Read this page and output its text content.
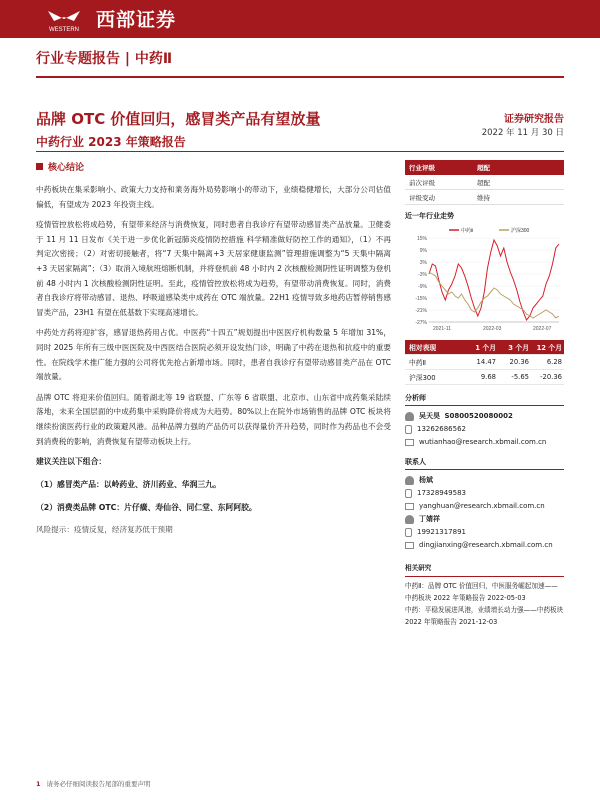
WESTERN 西部证券
行业专题报告 | 中药Ⅱ
品牌 OTC 价值回归，感冒类产品有望放量
中药行业 2023 年策略报告
证券研究报告
2022 年 11 月 30 日
核心结论

中药板块在集采影响小、政策大力支持和業务海外局势影响小的带动下，业绩稳健增长，大部分公司估值偏低，有望成为 2023 年投资主线。

疫情管控放松将成趋势，有望带来经济与消费恢复，同时患者自我诊疗有望带动感冒类产品放量。卫健委于 11 月 11 日发布《关于进一步优化新冠肺炎疫情防控措施 科学精准做好防控工作的通知》，（1）不再判定次密接；（2）对密切接触者，将“7 天集中隔离+3 天居家健康监测”管理措施调整为“5 天集中隔离+3 天居家隔离”；（3）取消入境航班熔断机制，并将登机前 48 小时内 2 次核酸检测阴性证明调整为登机前 48 小时内 1 次核酸检测阴性证明。至此，疫情管控放松将成为趋势，有望带动消费恢复。同时，消费者自我诊疗将带动感冒、退热、呼吸道感染类中成药在 OTC 端放量。22H1 疫情导致多地药店暂停销售感冒类产品，23H1 有望在低基数下实现高速增长。

中药处方药将迎扩容，感冒退热药用占优。中医药“十四五”规划提出中医医疗机构数量 5 年增加 31%，同时 2025 年所有三级中医医院及中西医结合医院必须开设发热门诊，明确了中药在退热和抗疫中的重要性。在院线学术推广能力强的公司将优先抢占新增市场。同时，患者自我诊疗有望带动感冒类产品在 OTC 端放量。

品牌 OTC 将迎来价值回归。随着湖北等 19 省联盟、广东等 6 省联盟、北京市、山东省中成药集采陆续落地，未来全国层面的中成药集中采购降价将成为大趋势。80%以上在院外市场销售的品牌 OTC 板块将继续扮演医药行业的政策避风港。品种品牌力强的产品仍可以获得量价齐升趋势，同时作为药品也不会受到消费税的影响，消费恢复有望带动板块上行。

建议关注以下组合：

（1）感冒类产品：以岭药业、济川药业、华润三九。

（2）消费类品牌 OTC：片仔癀、寿仙谷、同仁堂、东阿阿胶。

风险提示：疫情反复，经济复苏低于预期

行业评级	超配
前次评级	超配
评级变动	维持
近一年行业走势
中药Ⅱ	沪深300
15%
9%
3%
-3%
-9%
-15%
-21%
-27%
2021-11	2022-03	2022-07
相对表现	1 个月	3 个月	12 个月
中药Ⅱ	14.47	20.36	6.28
沪深300	9.68	-5.65	-20.36
分析师
吴天昊
S0800520080002
13262686562
wutianhao@research.xbmail.com.cn
联系人
杨斌
17328949583
yanghuan@research.xbmail.com.cn
丁婧祥
19921317891
dingjianxing@research.xbmail.com.cn
相关研究
中药Ⅱ：品牌 OTC 价值回归，中医服务崛起加速——中药板块 2022 年策略报告 2022-05-03
中药：平稳发展进风港，业绩增长动力强——中药板块 2022 年策略报告 2021-12-03
1 请务必仔细阅读报告尾部的重要声明
